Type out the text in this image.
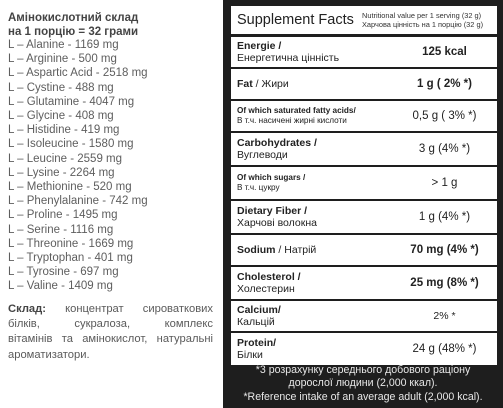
Амінокислотний склад
на 1 порцію = 32 грами
L – Alanine - 1169 mg
L – Arginine - 500 mg
L – Aspartic Acid - 2518 mg
L – Cystine - 488 mg
L – Glutamine - 4047 mg
L – Glycine - 408 mg
L – Histidine - 419 mg
L – Isoleucine - 1580 mg
L – Leucine - 2559 mg
L – Lysine - 2264 mg
L – Methionine - 520 mg
L – Phenylalanine - 742 mg
L – Proline - 1495 mg
L – Serine - 1116 mg
L – Threonine - 1669 mg
L – Tryptophan - 401 mg
L – Tyrosine - 697 mg
L – Valine - 1409 mg
Склад: концентрат сироваткових
білків, сукралоза, комплекс
вітамінів та амінокислот, натуральні
ароматизатори.
Supplement Facts Nutritional value per 1 serving (32 g)
Харчова цінність на 1 порцію (32 g)
Energie /
Енергетична цінність	125 kcal
Fat / Жири	1 g ( 2% *)
Of which saturated fatty acids/
В т.ч. насичені жирні кислоти	0,5 g ( 3% *)
Carbohydrates /
Вуглеводи	3 g (4% *)
Of which sugars /
В т.ч. цукру	> 1 g
Dietary Fiber /
Харчові волокна	1 g (4% *)
Sodium / Натрій	70 mg (4% *)
Cholesterol /
Холестерин	25 mg (8% *)
Calcium/
Кальцій	2% *
Protein/
Білки	24 g (48% *)
*3 розрахунку середнього добового раціону
дорослої людини (2,000 ккал).
*Reference intake of an average adult (2,000 kcal).
